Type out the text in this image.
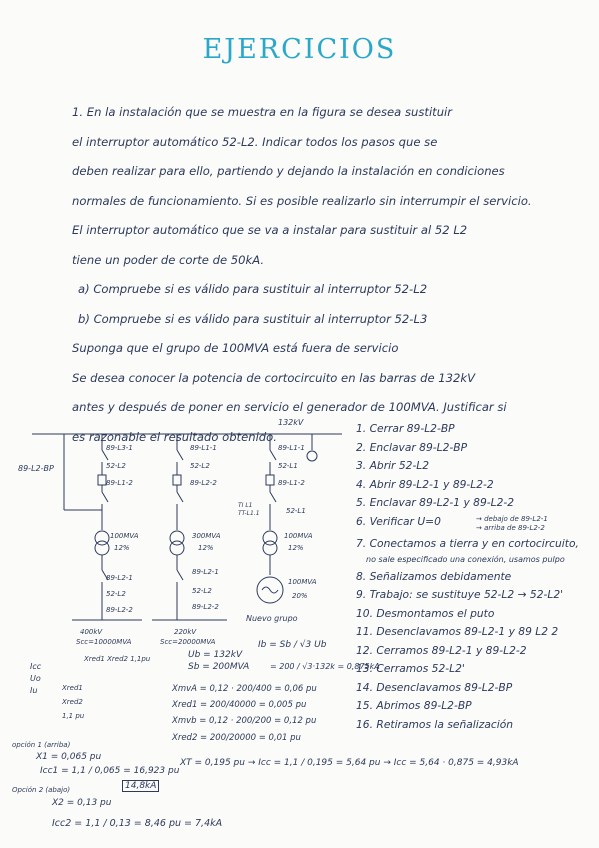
EJERCICIOS

1. En la instalación que se muestra en la figura se desea sustituir

el interruptor automático 52-L2. Indicar todos los pasos que se

deben realizar para ello, partiendo y dejando la instalación en condiciones

normales de funcionamiento. Si es posible realizarlo sin interrumpir el servicio.

El interruptor automático que se va a instalar para sustituir al 52 L2

tiene un poder de corte de 50kA.

a) Compruebe si es válido para sustituir al interruptor 52-L2

b) Compruebe si es válido para sustituir al interruptor 52-L3

Suponga que el grupo de 100MVA está fuera de servicio

Se desea conocer la potencia de cortocircuito en las barras de 132kV

antes y después de poner en servicio el generador de 100MVA. Justificar si

es razonable el resultado obtenido.

132kV
89-L2-BP
89-L3-1
52-L2
89-L1-2
100MVA
12%
89-L1-1
52-L2
89-L2-2
300MVA
12%
89-L1-1
52-L1
89-L1-2
100MVA
12%
TI L1
TT-L1.1	52-L1
89-L2-1
52-L2
89-L2-2
89-L2-1
52-L2
89-L2-2
100MVA
20%
Nuevo grupo
400kV
Scc=10000MVA
220kV
Scc=20000MVA

1. Cerrar 89-L2-BP

2. Enclavar 89-L2-BP

3. Abrir 52-L2

4. Abrir 89-L2-1 y 89-L2-2

5. Enclavar 89-L2-1 y 89-L2-2

6. Verificar U=0	→ debajo de 89-L2-1

→ arriba de 89-L2-2

7. Conectamos a tierra y en cortocircuito,

no sale especificado una conexión, usamos pulpo

8. Señalizamos debidamente

9. Trabajo: se sustituye 52-L2 → 52-L2'

10. Desmontamos el puto

11. Desenclavamos 89-L2-1 y 89 L2 2

12. Cerramos 89-L2-1 y 89-L2-2

13. Cerramos 52-L2'

14. Desenclavamos 89-L2-BP

15. Abrimos 89-L2-BP

16. Retiramos la señalización

Ub = 132kV
Sb = 200MVA
Ib = Sb / √3 Ub
= 200 / √3·132k = 0,875kA
Xred1 Xred2 1,1pu
Icc
Uo
Iu	Xred1
Xred2
1,1 pu
XmvA = 0,12 · 200/400 = 0,06 pu
Xred1 = 200/40000 = 0,005 pu
Xmvb = 0,12 · 200/200 = 0,12 pu
Xred2 = 200/20000 = 0,01 pu
opción 1 (arriba)
X1 = 0,065 pu
Icc1 = 1,1 / 0,065 = 16,923 pu
14,8kA
XT = 0,195 pu → Icc = 1,1 / 0,195 = 5,64 pu → Icc = 5,64 · 0,875 = 4,93kA
Opción 2 (abajo)
X2 = 0,13 pu
Icc2 = 1,1 / 0,13 = 8,46 pu = 7,4kA
